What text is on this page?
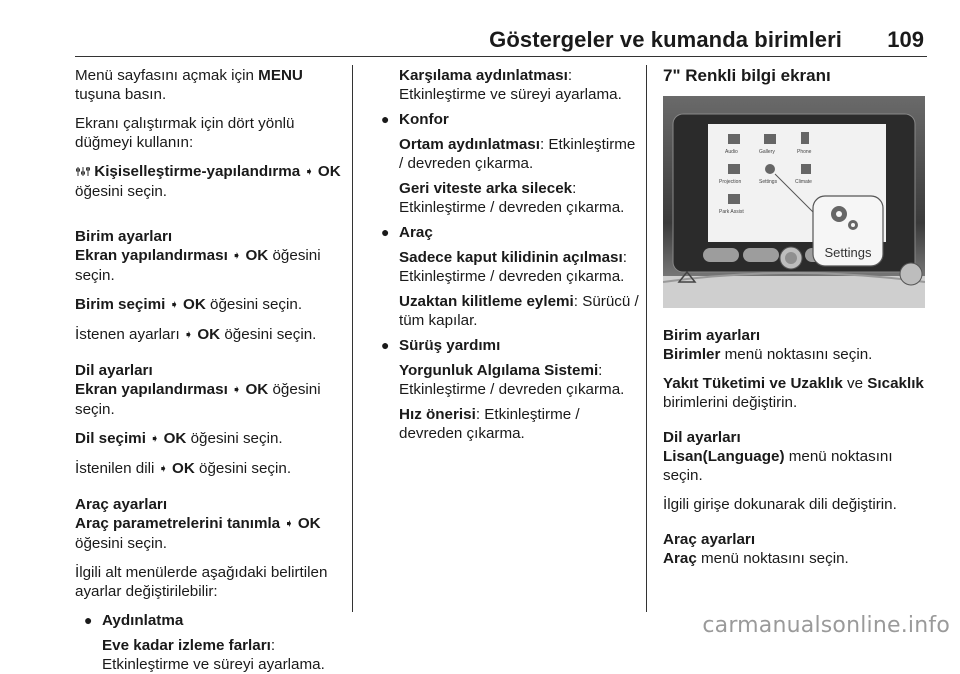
Göstergeler ve kumanda birimleri 109

Menü sayfasını açmak için MENU tuşuna basın.

Ekranı çalıştırmak için dört yönlü düğmeyi kullanın:

Kişiselleştirme-yapılandırma ➧ OK öğesini seçin.

Birim ayarları

Ekran yapılandırması ➧ OK öğesini seçin.

Birim seçimi ➧ OK öğesini seçin.

İstenen ayarları ➧ OK öğesini seçin.

Dil ayarları

Ekran yapılandırması ➧ OK öğesini seçin.

Dil seçimi ➧ OK öğesini seçin.

İstenilen dili ➧ OK öğesini seçin.

Araç ayarları

Araç parametrelerini tanımla ➧ OK öğesini seçin.

İlgili alt menülerde aşağıdaki belirtilen ayarlar değiştirilebilir:

● Aydınlatma
Eve kadar izleme farları: Etkinleştirme ve süreyi ayarlama.
Karşılama aydınlatması: Etkinleştirme ve süreyi ayarlama.
● Konfor
Ortam aydınlatması: Etkinleştirme / devreden çıkarma.
Geri viteste arka silecek: Etkinleştirme / devreden çıkarma.
● Araç
Sadece kaput kilidinin açılması: Etkinleştirme / devreden çıkarma.
Uzaktan kilitleme eylemi: Sürücü / tüm kapılar.
● Sürüş yardımı
Yorgunluk Algılama Sistemi: Etkinleştirme / devreden çıkarma.
Hız önerisi: Etkinleştirme / devreden çıkarma.

7" Renkli bilgi ekranı

Audio	Gallery	Phone
Projection	Settings	Climate
Park Assist
Settings

Birim ayarları

Birimler menü noktasını seçin.

Yakıt Tüketimi ve Uzaklık ve Sıcaklık birimlerini değiştirin.

Dil ayarları

Lisan(Language) menü noktasını seçin.

İlgili girişe dokunarak dili değiştirin.

Araç ayarları

Araç menü noktasını seçin.

carmanualsonline.info
